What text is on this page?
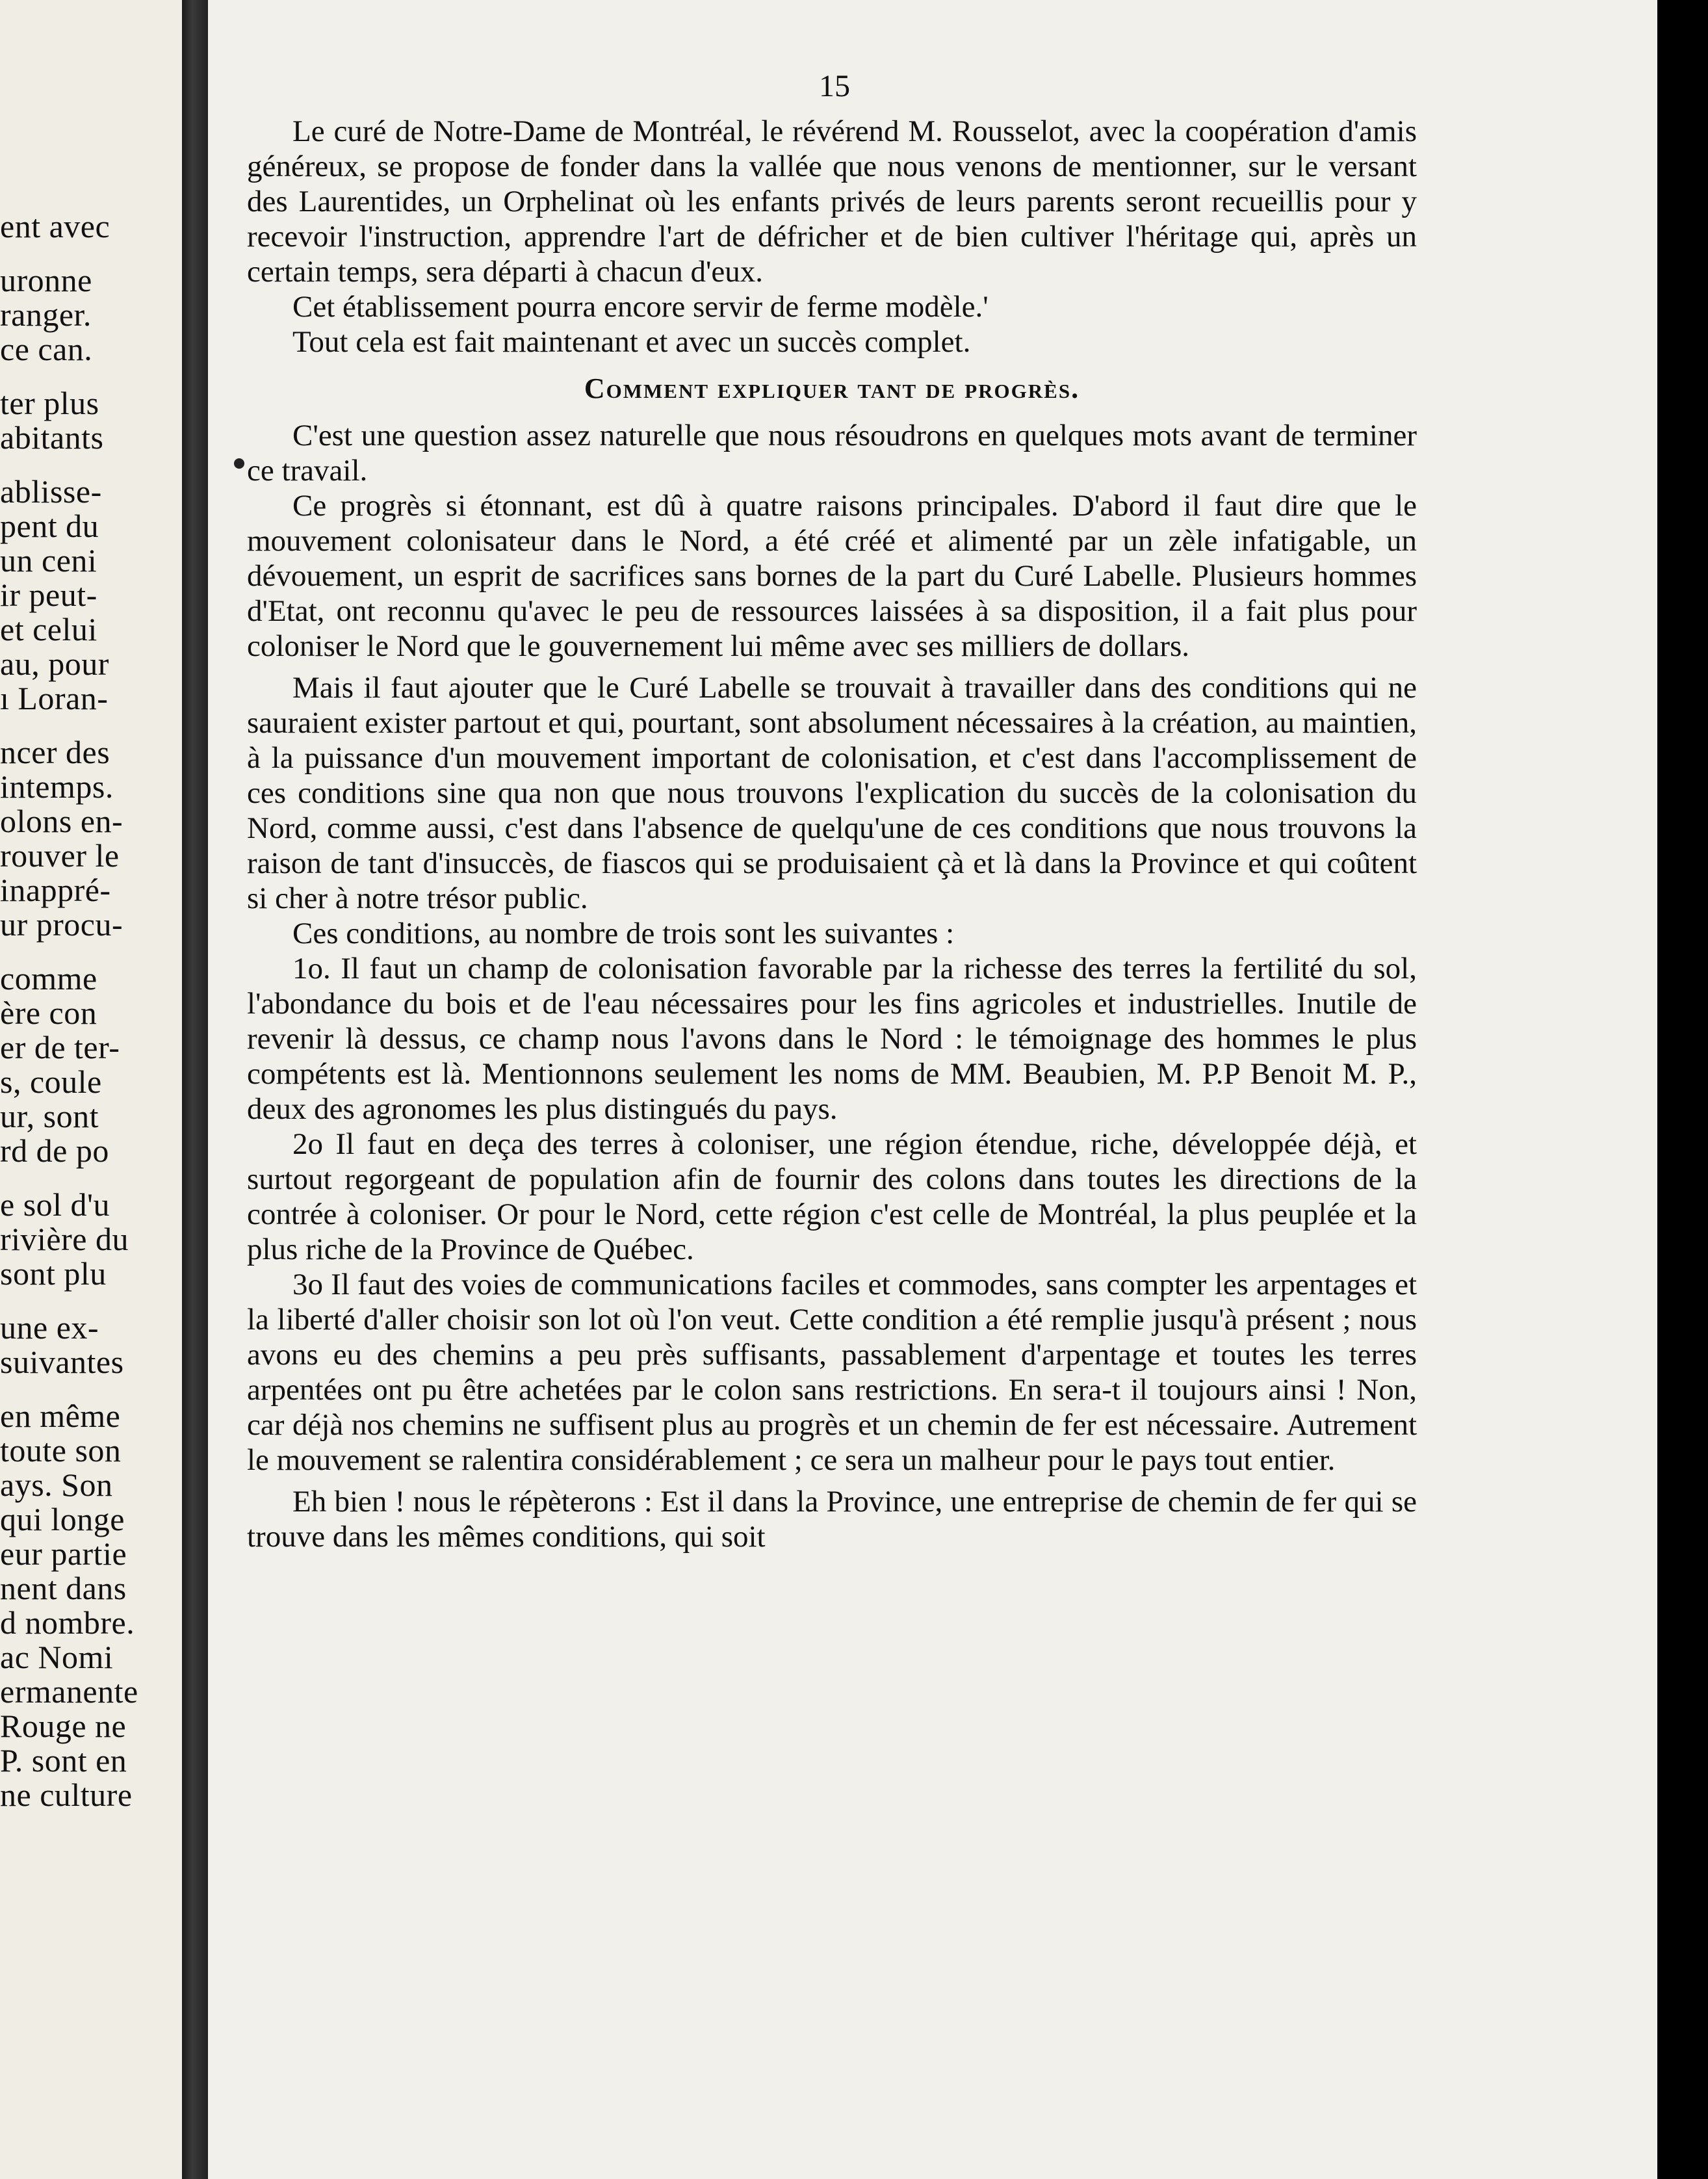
ent avec
uronne
ranger.
ce can.
ter plus
abitants
ablisse-
pent du
un ceni
ir peut-
et celui
au, pour
ı Loran-
ncer des
intemps.
olons en-
rouver le
inappré-
ur procu-
comme
ère con
er de ter-
s, coule
ur, sont
rd de po
e sol d'u
rivière du
sont plu
une ex-
suivantes
en même
toute son
ays. Son
qui longe
eur partie
nent dans
d nombre.
ac Nomi
ermanente
Rouge ne
P. sont en
ne culture
15

Le curé de Notre-Dame de Montréal, le révérend M. Rousselot, avec la coopération d'amis généreux, se propose de fonder dans la vallée que nous venons de mentionner, sur le versant des Laurentides, un Orphelinat où les enfants privés de leurs parents seront recueillis pour y recevoir l'instruction, apprendre l'art de défricher et de bien cultiver l'héritage qui, après un certain temps, sera départi à chacun d'eux.

Cet établissement pourra encore servir de ferme modèle.'

Tout cela est fait maintenant et avec un succès complet.

Comment expliquer tant de progrès.

C'est une question assez naturelle que nous résoudrons en quelques mots avant de terminer ce travail.

Ce progrès si étonnant, est dû à quatre raisons principales. D'abord il faut dire que le mouvement colonisateur dans le Nord, a été créé et alimenté par un zèle infatigable, un dévouement, un esprit de sacrifices sans bornes de la part du Curé Labelle. Plusieurs hommes d'Etat, ont reconnu qu'avec le peu de ressources laissées à sa disposition, il a fait plus pour coloniser le Nord que le gouvernement lui même avec ses milliers de dollars.

Mais il faut ajouter que le Curé Labelle se trouvait à travailler dans des conditions qui ne sauraient exister partout et qui, pourtant, sont absolument nécessaires à la création, au maintien, à la puissance d'un mouvement important de colonisation, et c'est dans l'accomplissement de ces conditions sine qua non que nous trouvons l'explication du succès de la colonisation du Nord, comme aussi, c'est dans l'absence de quelqu'une de ces conditions que nous trouvons la raison de tant d'insuccès, de fiascos qui se produisaient çà et là dans la Province et qui coûtent si cher à notre trésor public.

Ces conditions, au nombre de trois sont les suivantes :

1o. Il faut un champ de colonisation favorable par la richesse des terres la fertilité du sol, l'abondance du bois et de l'eau nécessaires pour les fins agricoles et industrielles. Inutile de revenir là dessus, ce champ nous l'avons dans le Nord : le témoignage des hommes le plus compétents est là. Mentionnons seulement les noms de MM. Beaubien, M. P.P Benoit M. P., deux des agronomes les plus distingués du pays.

2o Il faut en deça des terres à coloniser, une région étendue, riche, développée déjà, et surtout regorgeant de population afin de fournir des colons dans toutes les directions de la contrée à coloniser. Or pour le Nord, cette région c'est celle de Montréal, la plus peuplée et la plus riche de la Province de Québec.

3o Il faut des voies de communications faciles et commodes, sans compter les arpentages et la liberté d'aller choisir son lot où l'on veut. Cette condition a été remplie jusqu'à présent ; nous avons eu des chemins a peu près suffisants, passablement d'arpentage et toutes les terres arpentées ont pu être achetées par le colon sans restrictions. En sera-t il toujours ainsi ! Non, car déjà nos chemins ne suffisent plus au progrès et un chemin de fer est nécessaire. Autrement le mouvement se ralentira considérablement ; ce sera un malheur pour le pays tout entier.

Eh bien ! nous le répèterons : Est il dans la Province, une entreprise de chemin de fer qui se trouve dans les mêmes conditions, qui soit
